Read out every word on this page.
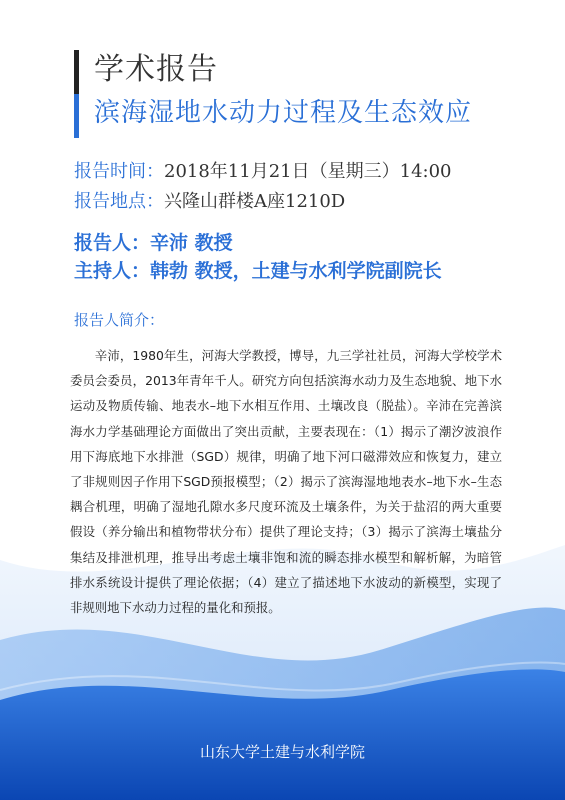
学术报告
滨海湿地水动力过程及生态效应
报告时间：2018年11月21日（星期三）14:00
报告地点：兴隆山群楼A座1210D
报告人：辛沛 教授
主持人：韩勃 教授，土建与水利学院副院长

报告人简介：

辛沛，1980年生，河海大学教授，博导，九三学社社员，河海大学校学术委员会委员，2013年青年千人。研究方向包括滨海水动力及生态地貌、地下水运动及物质传输、地表水–地下水相互作用、土壤改良（脱盐）。辛沛在完善滨海水力学基础理论方面做出了突出贡献，主要表现在：（1）揭示了潮汐波浪作用下海底地下水排泄（SGD）规律，明确了地下河口磁滞效应和恢复力，建立了非规则因子作用下SGD预报模型；（2）揭示了滨海湿地地表水–地下水–生态耦合机理，明确了湿地孔隙水多尺度环流及土壤条件，为关于盐沼的两大重要假设（养分输出和植物带状分布）提供了理论支持；（3）揭示了滨海土壤盐分集结及排泄机理，推导出考虑土壤非饱和流的瞬态排水模型和解析解，为暗管排水系统设计提供了理论依据；（4）建立了描述地下水波动的新模型，实现了非规则地下水动力过程的量化和预报。

山东大学土建与水利学院
